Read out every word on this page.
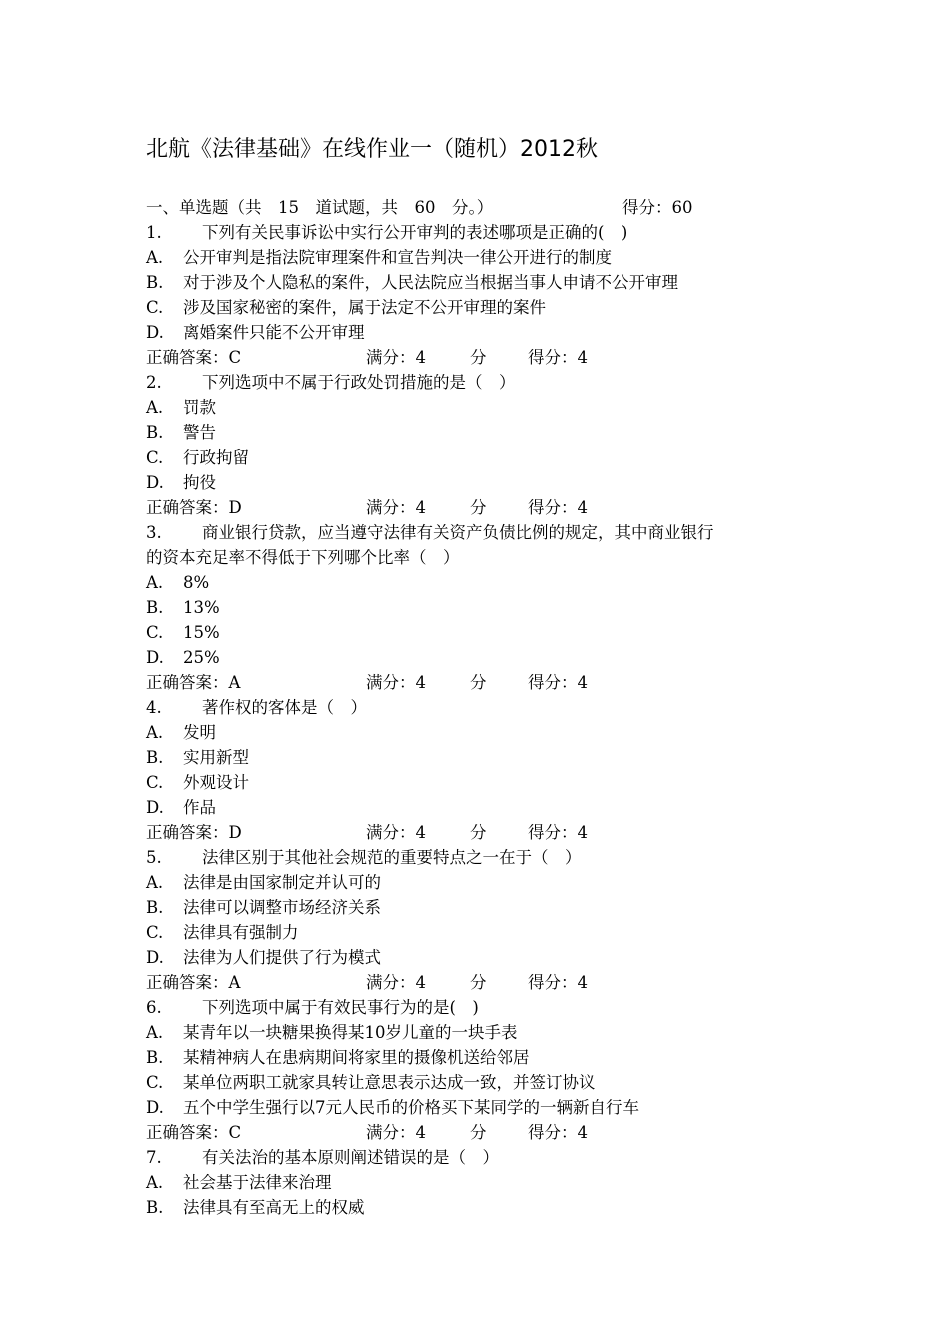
北航《法律基础》在线作业一（随机）2012秋
一、单选题（共　15　道试题，共　60　分。）	得分：60
1. 下列有关民事诉讼中实行公开审判的表述哪项是正确的(　)
A. 公开审判是指法院审理案件和宣告判决一律公开进行的制度
B. 对于涉及个人隐私的案件，人民法院应当根据当事人申请不公开审理
C. 涉及国家秘密的案件，属于法定不公开审理的案件
D. 离婚案件只能不公开审理
正确答案：C	满分：4	分	得分：4
2. 下列选项中不属于行政处罚措施的是（　）
A. 罚款
B. 警告
C. 行政拘留
D. 拘役
正确答案：D	满分：4	分	得分：4
3. 商业银行贷款，应当遵守法律有关资产负债比例的规定，其中商业银行
的资本充足率不得低于下列哪个比率（　）
A. 8%
B. 13%
C. 15%
D. 25%
正确答案：A	满分：4	分	得分：4
4. 著作权的客体是（　）
A. 发明
B. 实用新型
C. 外观设计
D. 作品
正确答案：D	满分：4	分	得分：4
5. 法律区别于其他社会规范的重要特点之一在于（　）
A. 法律是由国家制定并认可的
B. 法律可以调整市场经济关系
C. 法律具有强制力
D. 法律为人们提供了行为模式
正确答案：A	满分：4	分	得分：4
6. 下列选项中属于有效民事行为的是(　)
A. 某青年以一块糖果换得某10岁儿童的一块手表
B. 某精神病人在患病期间将家里的摄像机送给邻居
C. 某单位两职工就家具转让意思表示达成一致，并签订协议
D. 五个中学生强行以7元人民币的价格买下某同学的一辆新自行车
正确答案：C	满分：4	分	得分：4
7. 有关法治的基本原则阐述错误的是（　）
A. 社会基于法律来治理
B. 法律具有至高无上的权威
